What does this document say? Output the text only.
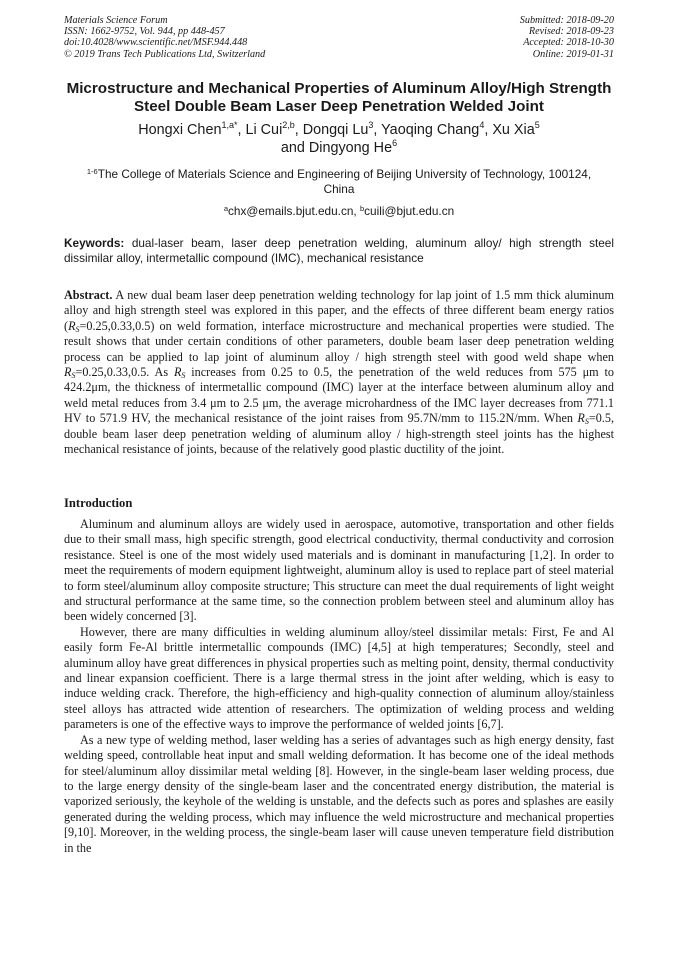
Materials Science Forum
ISSN: 1662-9752, Vol. 944, pp 448-457
doi:10.4028/www.scientific.net/MSF.944.448
© 2019 Trans Tech Publications Ltd, Switzerland
Submitted: 2018-09-20
Revised: 2018-09-23
Accepted: 2018-10-30
Online: 2019-01-31
Microstructure and Mechanical Properties of Aluminum Alloy/High Strength Steel Double Beam Laser Deep Penetration Welded Joint
Hongxi Chen$^{1,a*}$, Li Cui$^{2,b}$, Dongqi Lu$^3$, Yaoqing Chang$^4$, Xu Xia$^5$
and Dingyong He$^6$
$^{1-6}$The College of Materials Science and Engineering of Beijing University of Technology, 100124,
China
$^a$chx@emails.bjut.edu.cn, $^b$cuili@bjut.edu.cn
Keywords: dual-laser beam, laser deep penetration welding, aluminum alloy/ high strength steel dissimilar alloy, intermetallic compound (IMC), mechanical resistance
Abstract. A new dual beam laser deep penetration welding technology for lap joint of 1.5 mm thick aluminum alloy and high strength steel was explored in this paper, and the effects of three different beam energy ratios $(R_S=0.25,0.33,0.5)$ on weld formation, interface microstructure and mechanical properties were studied. The result shows that under certain conditions of other parameters, double beam laser deep penetration welding process can be applied to lap joint of aluminum alloy / high strength steel with good weld shape when $R_S=0.25,0.33,0.5$. As $R_S$ increases from 0.25 to 0.5, the penetration of the weld reduces from 575 μm to 424.2μm, the thickness of intermetallic compound (IMC) layer at the interface between aluminum alloy and weld metal reduces from 3.4 μm to 2.5 μm, the average microhardness of the IMC layer decreases from 771.1 HV to 571.9 HV, the mechanical resistance of the joint raises from 95.7N/mm to 115.2N/mm. When $R_S=0.5$, double beam laser deep penetration welding of aluminum alloy / high-strength steel joints has the highest mechanical resistance of joints, because of the relatively good plastic ductility of the joint.
Introduction

Aluminum and aluminum alloys are widely used in aerospace, automotive, transportation and other fields due to their small mass, high specific strength, good electrical conductivity, thermal conductivity and corrosion resistance. Steel is one of the most widely used materials and is dominant in manufacturing [1,2]. In order to meet the requirements of modern equipment lightweight, aluminum alloy is used to replace part of steel material to form steel/aluminum alloy composite structure; This structure can meet the dual requirements of light weight and structural performance at the same time, so the connection problem between steel and aluminum alloy has been widely concerned [3].

However, there are many difficulties in welding aluminum alloy/steel dissimilar metals: First, Fe and Al easily form Fe-Al brittle intermetallic compounds (IMC) [4,5] at high temperatures; Secondly, steel and aluminum alloy have great differences in physical properties such as melting point, density, thermal conductivity and linear expansion coefficient. There is a large thermal stress in the joint after welding, which is easy to induce welding crack. Therefore, the high-efficiency and high-quality connection of aluminum alloy/stainless steel alloys has attracted wide attention of researchers. The optimization of welding process and welding parameters is one of the effective ways to improve the performance of welded joints [6,7].

As a new type of welding method, laser welding has a series of advantages such as high energy density, fast welding speed, controllable heat input and small welding deformation. It has become one of the ideal methods for steel/aluminum alloy dissimilar metal welding [8]. However, in the single-beam laser welding process, due to the large energy density of the single-beam laser and the concentrated energy distribution, the material is vaporized seriously, the keyhole of the welding is unstable, and the defects such as pores and splashes are easily generated during the welding process, which may influence the weld microstructure and mechanical properties [9,10]. Moreover, in the welding process, the single-beam laser will cause uneven temperature field distribution in the
